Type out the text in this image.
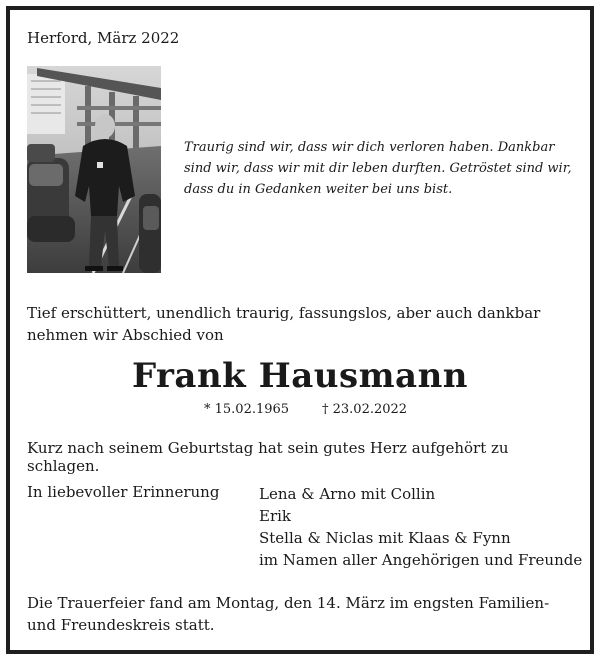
Herford, März 2022
Traurig sind wir, dass wir dich verloren haben. Dankbar sind wir, dass wir mit dir leben durften. Getröstet sind wir, dass du in Gedanken weiter bei uns bist.
Tief erschüttert, unendlich traurig, fassungslos, aber auch dankbar nehmen wir Abschied von
Frank Hausmann
* 15.02.1965	† 23.02.2022
Kurz nach seinem Geburtstag hat sein gutes Herz aufgehört zu schlagen.
In liebevoller Erinnerung	Lena & Arno mit Collin
Erik
Stella & Niclas mit Klaas & Fynn
im Namen aller Angehörigen und Freunde
Die Trauerfeier fand am Montag, den 14. März im engsten Familien- und Freundeskreis statt.
